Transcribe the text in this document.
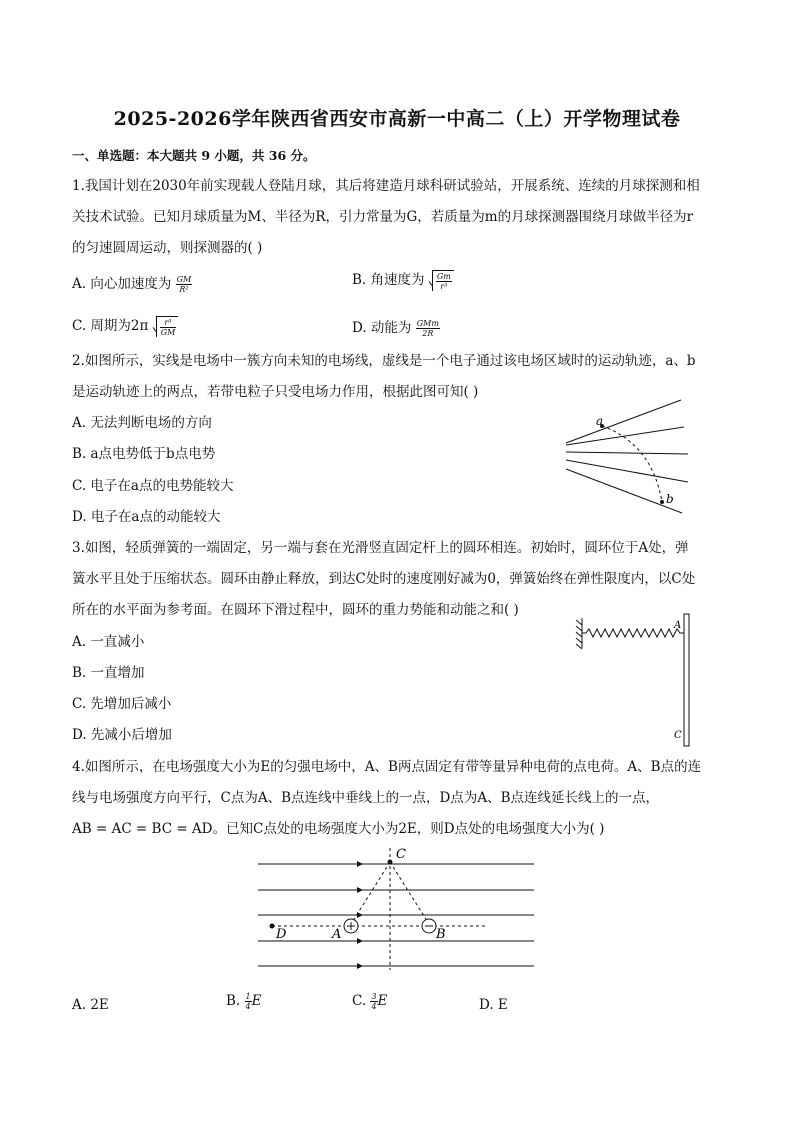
2025-2026学年陕西省西安市高新一中高二（上）开学物理试卷
一、单选题：本大题共 9 小题，共 36 分。
1.我国计划在2030年前实现载人登陆月球，其后将建造月球科研试验站，开展系统、连续的月球探测和相
关技术试验。已知月球质量为M、半径为R，引力常量为G，若质量为m的月球探测器围绕月球做半径为r
的匀速圆周运动，则探测器的( )
A. 向心加速度为 $\frac{GM}{\text{R²}}$	B. 角速度为 $\frac{Gm}{\text{r³}}$
C. 周期为$2\pi \frac{\text{r³}}{GM}$	D. 动能为 $\frac{\text{GMm}}{2R}$
2.如图所示，实线是电场中一簇方向未知的电场线，虚线是一个电子通过该电场区域时的运动轨迹，a、b
是运动轨迹上的两点，若带电粒子只受电场力作用，根据此图可知( )
A. 无法判断电场的方向
B. a点电势低于b点电势
C. 电子在a点的电势能较大
D. 电子在a点的动能较大
a
b
3.如图，轻质弹簧的一端固定，另一端与套在光滑竖直固定杆上的圆环相连。初始时，圆环位于A处，弹
簧水平且处于压缩状态。圆环由静止释放，到达C处时的速度刚好减为0，弹簧始终在弹性限度内，以C处
所在的水平面为参考面。在圆环下滑过程中，圆环的重力势能和动能之和( )
A. 一直减小
B. 一直增加
C. 先增加后减小
D. 先减小后增加
A
C
4.如图所示，在电场强度大小为E的匀强电场中，A、B两点固定有带等量异种电荷的点电荷。A、B点的连
线与电场强度方向平行，C点为A、B点连线中垂线上的一点，D点为A、B点连线延长线上的一点，
AB = AC = BC = AD。已知C点处的电场强度大小为2E，则D点处的电场强度大小为( )
C
D	A	B
A. 2E	B. $\frac{1}{4}$ E	C. $\frac{3}{4}$ E	D. E
